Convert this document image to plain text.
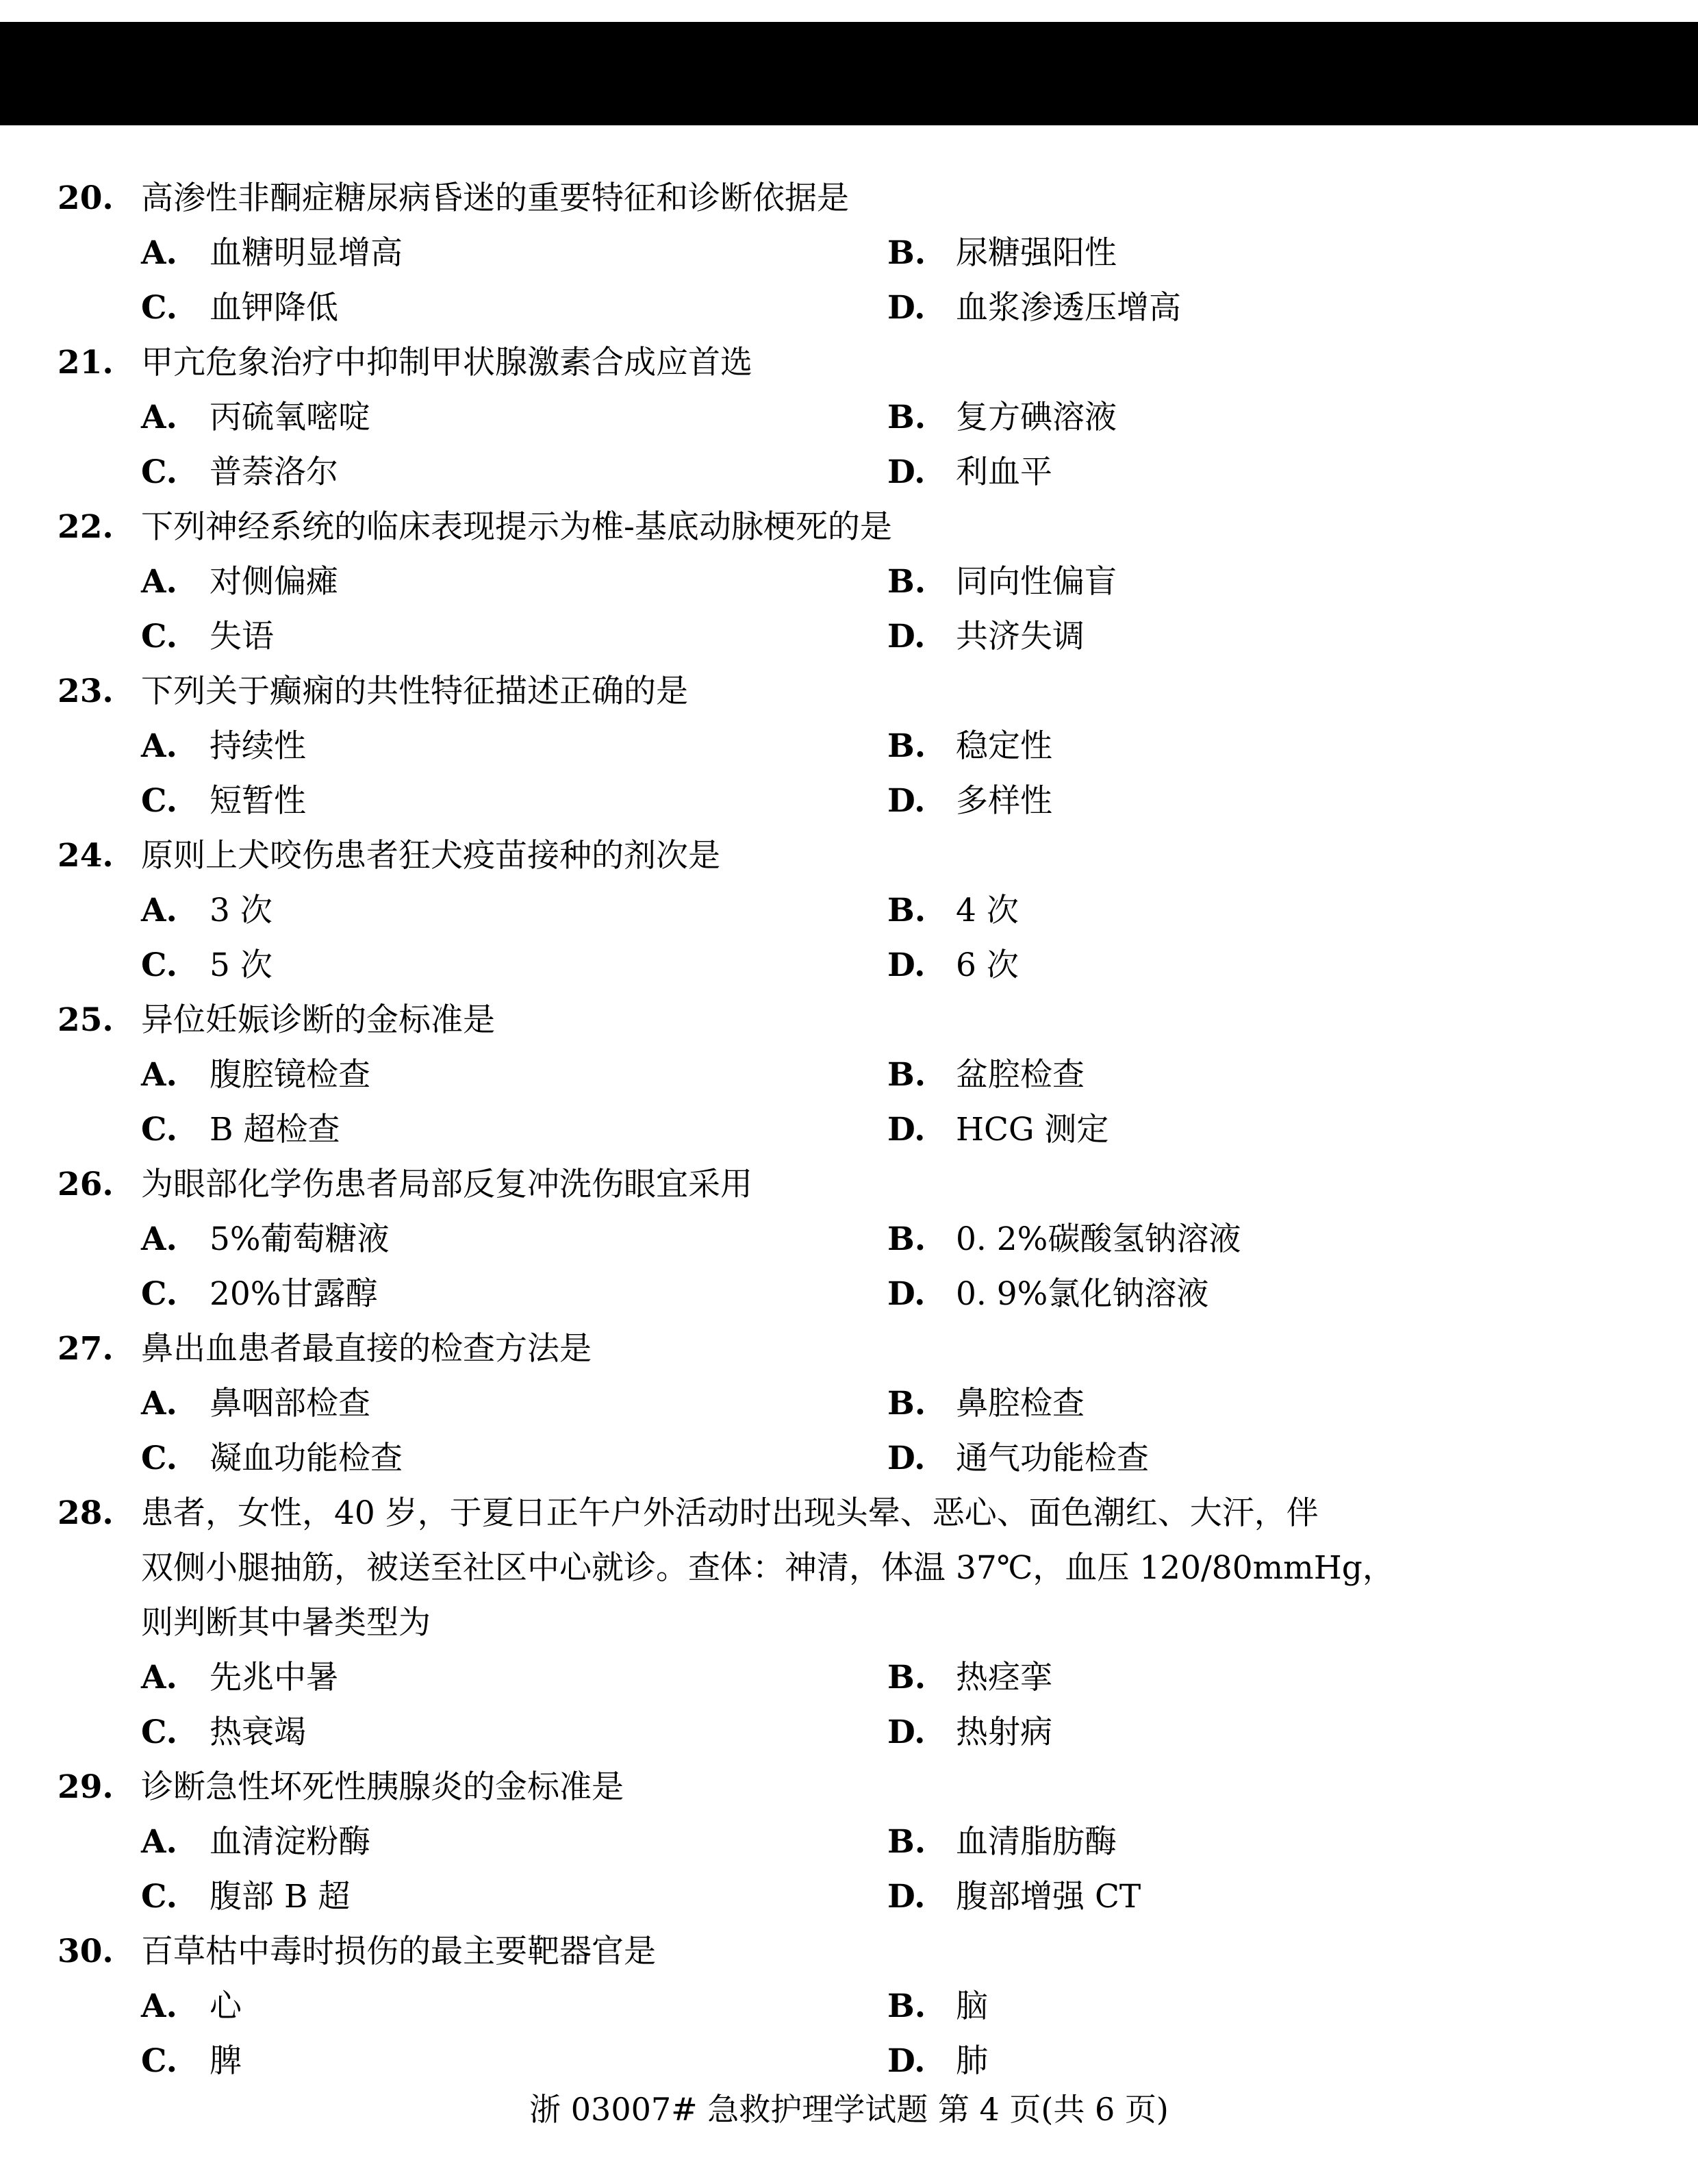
20. 高渗性非酮症糖尿病昏迷的重要特征和诊断依据是
A. 血糖明显增高	B. 尿糖强阳性
C. 血钾降低	D. 血浆渗透压增高
21. 甲亢危象治疗中抑制甲状腺激素合成应首选
A. 丙硫氧嘧啶	B. 复方碘溶液
C. 普萘洛尔	D. 利血平
22. 下列神经系统的临床表现提示为椎-基底动脉梗死的是
A. 对侧偏瘫	B. 同向性偏盲
C. 失语	D. 共济失调
23. 下列关于癫痫的共性特征描述正确的是
A. 持续性	B. 稳定性
C. 短暂性	D. 多样性
24. 原则上犬咬伤患者狂犬疫苗接种的剂次是
A. 3 次	B. 4 次
C. 5 次	D. 6 次
25. 异位妊娠诊断的金标准是
A. 腹腔镜检查	B. 盆腔检查
C. B 超检查	D. HCG 测定
26. 为眼部化学伤患者局部反复冲洗伤眼宜采用
A. 5%葡萄糖液	B. 0. 2%碳酸氢钠溶液
C. 20%甘露醇	D. 0. 9%氯化钠溶液
27. 鼻出血患者最直接的检查方法是
A. 鼻咽部检查	B. 鼻腔检查
C. 凝血功能检查	D. 通气功能检查
28. 患者，女性，40 岁，于夏日正午户外活动时出现头晕、恶心、面色潮红、大汗，伴
双侧小腿抽筋，被送至社区中心就诊。查体：神清，体温 37℃，血压 120/80mmHg，
则判断其中暑类型为
A. 先兆中暑	B. 热痉挛
C. 热衰竭	D. 热射病
29. 诊断急性坏死性胰腺炎的金标准是
A. 血清淀粉酶	B. 血清脂肪酶
C. 腹部 B 超	D. 腹部增强 CT
30. 百草枯中毒时损伤的最主要靶器官是
A. 心	B. 脑
C. 脾	D. 肺
浙 03007# 急救护理学试题 第 4 页(共 6 页)
